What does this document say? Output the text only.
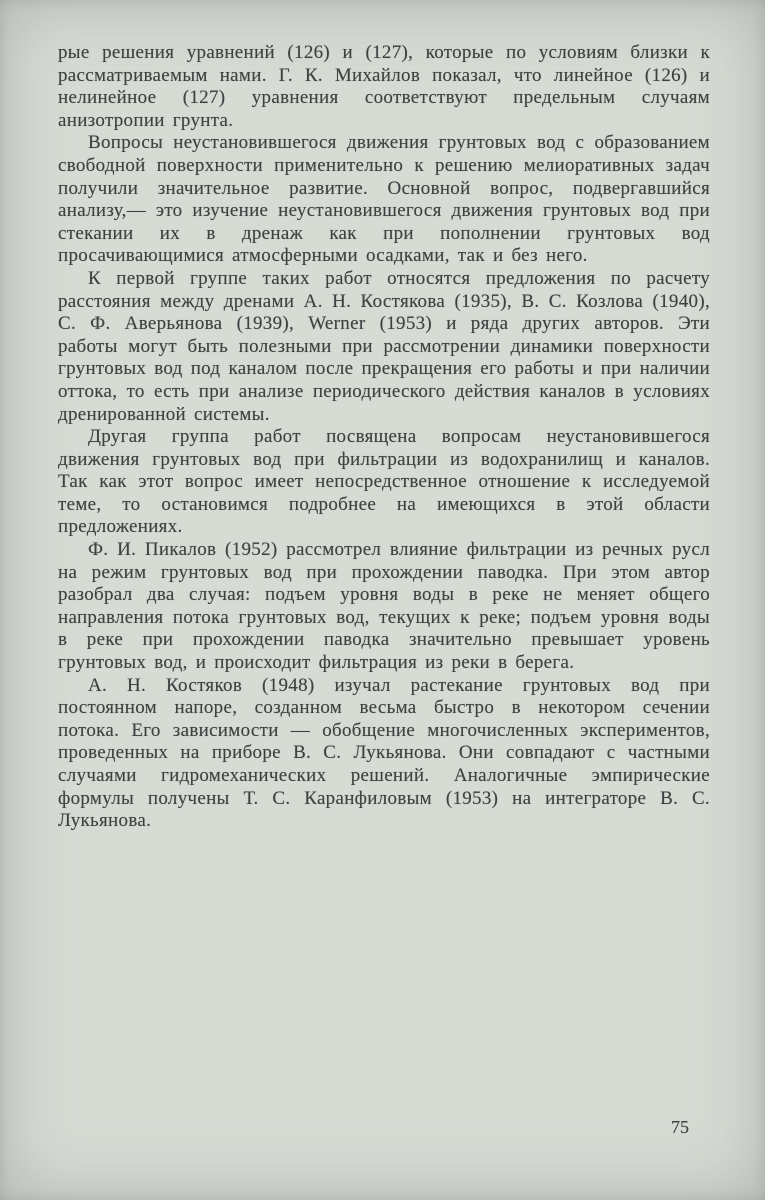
рые решения уравнений (126) и (127), которые по условиям близки к рассматриваемым нами. Г. К. Михайлов показал, что линейное (126) и нелинейное (127) уравнения соответствуют предельным случаям анизотропии грунта.

Вопросы неустановившегося движения грунтовых вод с образованием свободной поверхности применительно к решению мелиоративных задач получили значительное развитие. Основной вопрос, подвергавшийся анализу,— это изучение неустановившегося движения грунтовых вод при стекании их в дренаж как при пополнении грунтовых вод просачивающимися атмосферными осадками, так и без него.

К первой группе таких работ относятся предложения по расчету расстояния между дренами А. Н. Костякова (1935), В. С. Козлова (1940), С. Ф. Аверьянова (1939), Werner (1953) и ряда других авторов. Эти работы могут быть полезными при рассмотрении динамики поверхности грунтовых вод под каналом после прекращения его работы и при наличии оттока, то есть при анализе периодического действия каналов в условиях дренированной системы.

Другая группа работ посвящена вопросам неустановившегося движения грунтовых вод при фильтрации из водохранилищ и каналов. Так как этот вопрос имеет непосредственное отношение к исследуемой теме, то остановимся подробнее на имеющихся в этой области предложениях.

Ф. И. Пикалов (1952) рассмотрел влияние фильтрации из речных русл на режим грунтовых вод при прохождении паводка. При этом автор разобрал два случая: подъем уровня воды в реке не меняет общего направления потока грунтовых вод, текущих к реке; подъем уровня воды в реке при прохождении паводка значительно превышает уровень грунтовых вод, и происходит фильтрация из реки в берега.

А. Н. Костяков (1948) изучал растекание грунтовых вод при постоянном напоре, созданном весьма быстро в некотором сечении потока. Его зависимости — обобщение многочисленных экспериментов, проведенных на приборе В. С. Лукьянова. Они совпадают с частными случаями гидромеханических решений. Аналогичные эмпирические формулы получены Т. С. Каранфиловым (1953) на интеграторе В. С. Лукьянова.

75
